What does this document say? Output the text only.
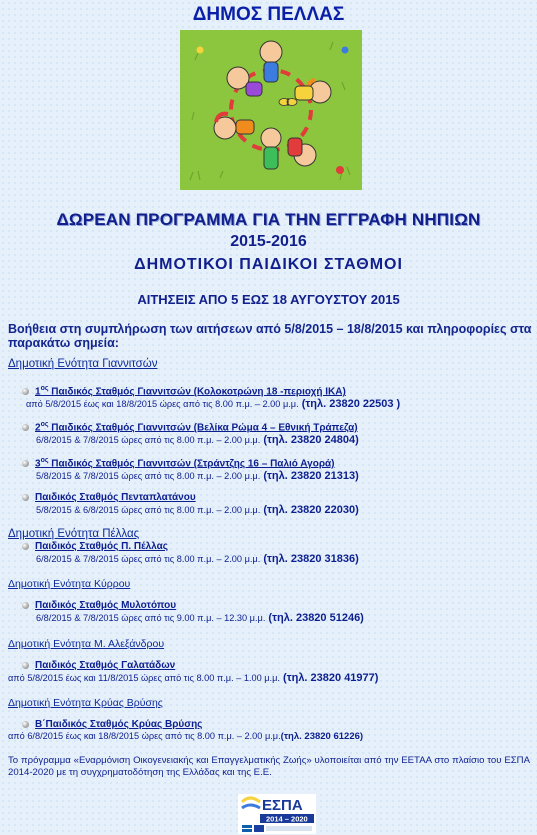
ΔΗΜΟΣ ΠΕΛΛΑΣ
ΔΩΡΕΑΝ ΠΡΟΓΡΑΜΜΑ ΓΙΑ ΤΗΝ ΕΓΓΡΑΦΗ ΝΗΠΙΩΝ
2015-2016
ΔΗΜΟΤΙΚΟΙ ΠΑΙΔΙΚΟΙ ΣΤΑΘΜΟΙ
ΑΙΤΗΣΕΙΣ ΑΠΟ 5 ΕΩΣ 18 ΑΥΓΟΥΣΤΟΥ 2015
Βοήθεια στη συμπλήρωση των αιτήσεων από 5/8/2015 – 18/8/2015 και πληροφορίες στα παρακάτω σημεία:
Δημοτική Ενότητα Γιαννιτσών
$1^{o\varsigma}$ Παιδικός Σταθμός Γιαννιτσών (Κολοκοτρώνη 18 -περιοχή ΙΚΑ)
από 5/8/2015 έως και 18/8/2015 ώρες από τις 8.00 π.μ. – 2.00 μ.μ. (τηλ. 23820 22503 )
$2^{o\varsigma}$ Παιδικός Σταθμός Γιαννιτσών (Βελίκα Ρώμα 4 – Εθνική Τράπεζα)
6/8/2015 & 7/8/2015 ώρες από τις 8.00 π.μ. – 2.00 μ.μ. (τηλ. 23820 24804)
$3^{o\varsigma}$ Παιδικός Σταθμός Γιαννιτσών (Στράντζης 16 – Παλιό Αγορά)
5/8/2015 & 7/8/2015 ώρες από τις 8.00 π.μ. – 2.00 μ.μ. (τηλ. 23820 21313)
Παιδικός Σταθμός Πενταπλατάνου
5/8/2015 & 6/8/2015 ώρες από τις 8.00 π.μ. – 2.00 μ.μ. (τηλ. 23820 22030)
Δημοτική Ενότητα Πέλλας
Παιδικός Σταθμός Π. Πέλλας
6/8/2015 & 7/8/2015 ώρες από τις 8.00 π.μ. – 2.00 μ.μ. (τηλ. 23820 31836)
Δημοτική Ενότητα Κύρρου
Παιδικός Σταθμός Μυλοτόπου
6/8/2015 & 7/8/2015 ώρες από τις 9.00 π.μ. – 12.30 μ.μ. (τηλ. 23820 51246)
Δημοτική Ενότητα Μ. Αλεξάνδρου
Παιδικός Σταθμός Γαλατάδων
από 5/8/2015 έως και 11/8/2015 ώρες από τις 8.00 π.μ. – 1.00 μ.μ. (τηλ. 23820 41977)
Δημοτική Ενότητα Κρύας Βρύσης
Β΄Παιδικός Σταθμός Κρύας Βρύσης
από 6/8/2015 έως και 18/8/2015 ώρες από τις 8.00 π.μ. – 2.00 μ.μ.(τηλ. 23820 61226)
Το πρόγραμμα «Εναρμόνιση Οικογενειακής και Επαγγελματικής Ζωής» υλοποιείται από την ΕΕΤΑΑ στο πλαίσιο του ΕΣΠΑ 2014-2020 με τη συγχρηματοδότηση της Ελλάδας και της Ε.Ε.
ΕΣΠΑ
2014 – 2020
